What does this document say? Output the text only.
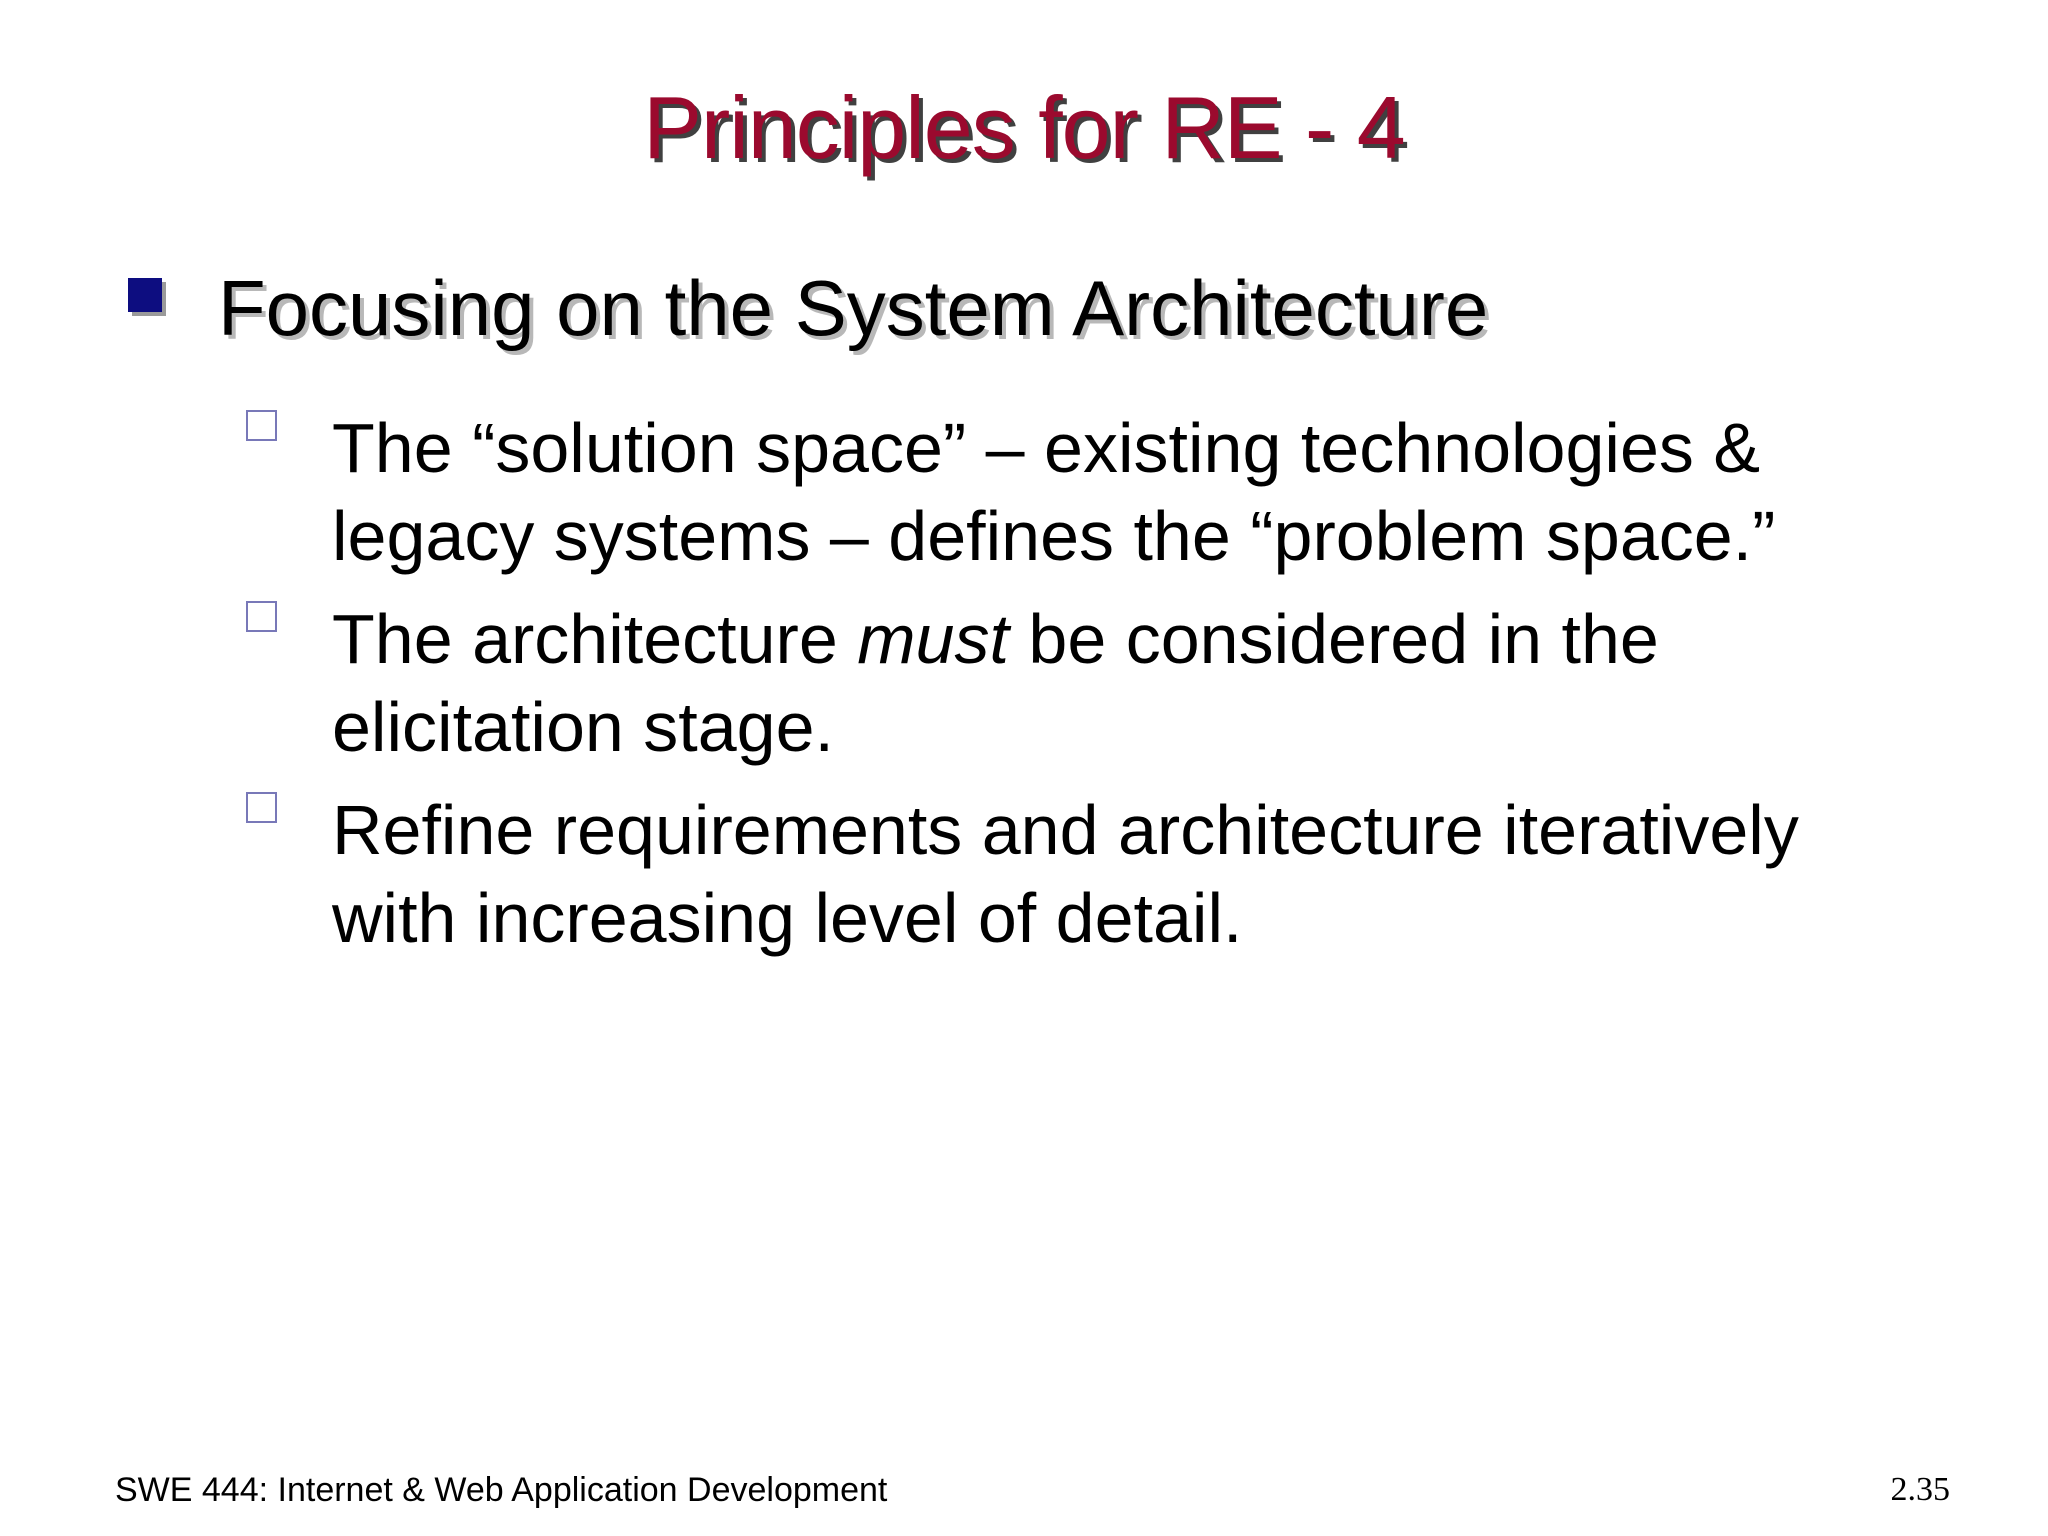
Principles for RE - 4
Focusing on the System Architecture
The “solution space” – existing technologies &
legacy systems – defines the “problem space.”
The architecture must be considered in the
elicitation stage.
Refine requirements and architecture iteratively
with increasing level of detail.
SWE 444: Internet & Web Application Development	2.35
